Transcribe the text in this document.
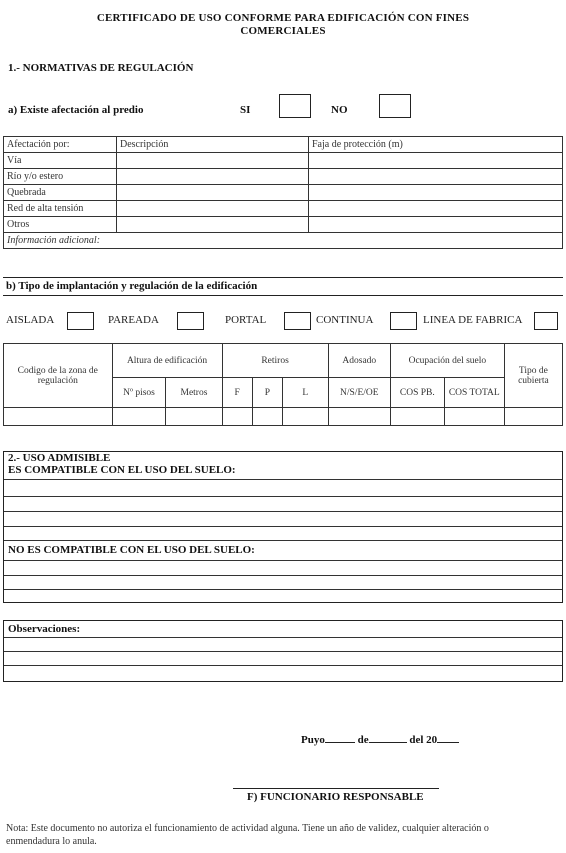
CERTIFICADO DE USO CONFORME PARA EDIFICACIÓN CON FINES
COMERCIALES
1.- NORMATIVAS DE REGULACIÓN
a) Existe afectación al predio	SI	NO
Afectación por:	Descripción	Faja de protección (m)
Vía		
Río y/o estero		
Quebrada		
Red de alta tensión		
Otros		
Información adicional:		
b) Tipo de implantación y regulación de la edificación
AISLADA	PAREADA	PORTAL	CONTINUA	LINEA DE FABRICA
Codigo de la zona de regulación	Altura de edificación		Retiros			Adosado	Ocupación del suelo		Tipo de cubierta
	Nº pisos	Metros	F	P	L	N/S/E/OE	COS PB.	COS TOTAL	

2.- USO ADMISIBLE
ES COMPATIBLE CON EL USO DEL SUELO:
NO ES COMPATIBLE CON EL USO DEL SUELO:
Observaciones:
Puyo	de	del 20
F) FUNCIONARIO RESPONSABLE
Nota: Este documento no autoriza el funcionamiento de actividad alguna. Tiene un año de validez, cualquier alteración o
enmendadura lo anula.
